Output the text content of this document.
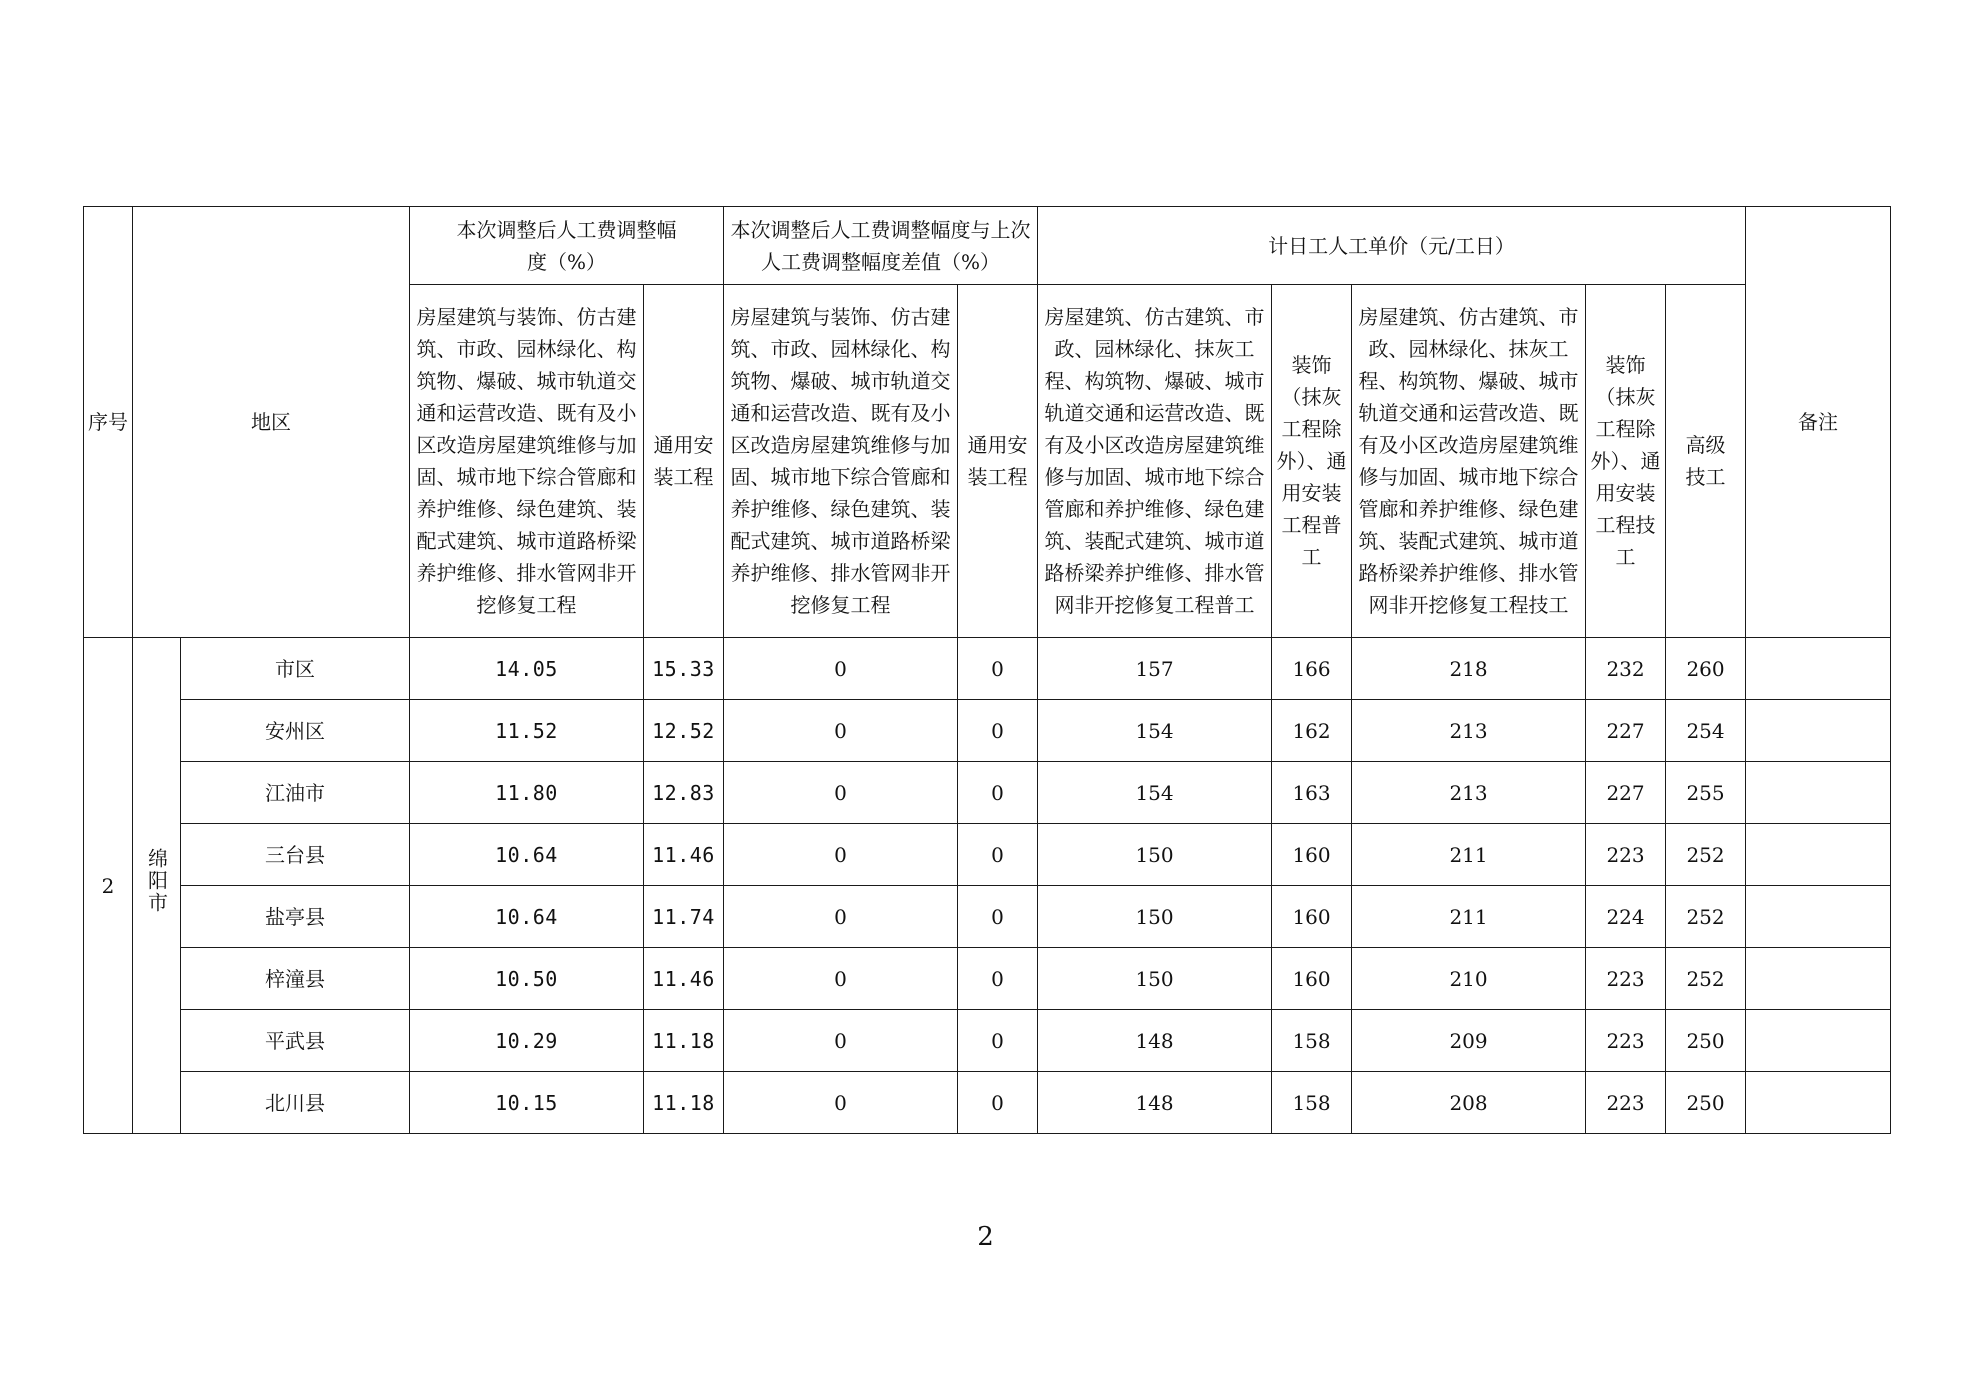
序号	地区		本次调整后人工费调整幅度（%）		本次调整后人工费调整幅度与上次人工费调整幅度差值（%）		计日工人工单价（元/工日）					备注
			房屋建筑与装饰、仿古建筑、市政、园林绿化、构筑物、爆破、城市轨道交通和运营改造、既有及小区改造房屋建筑维修与加固、城市地下综合管廊和养护维修、绿色建筑、装配式建筑、城市道路桥梁养护维修、排水管网非开挖修复工程	通用安装工程	房屋建筑与装饰、仿古建筑、市政、园林绿化、构筑物、爆破、城市轨道交通和运营改造、既有及小区改造房屋建筑维修与加固、城市地下综合管廊和养护维修、绿色建筑、装配式建筑、城市道路桥梁养护维修、排水管网非开挖修复工程	通用安装工程	房屋建筑、仿古建筑、市政、园林绿化、抹灰工程、构筑物、爆破、城市轨道交通和运营改造、既有及小区改造房屋建筑维修与加固、城市地下综合管廊和养护维修、绿色建筑、装配式建筑、城市道路桥梁养护维修、排水管网非开挖修复工程普工	装饰（抹灰工程除外）、通用安装工程普工	房屋建筑、仿古建筑、市政、园林绿化、抹灰工程、构筑物、爆破、城市轨道交通和运营改造、既有及小区改造房屋建筑维修与加固、城市地下综合管廊和养护维修、绿色建筑、装配式建筑、城市道路桥梁养护维修、排水管网非开挖修复工程技工	装饰（抹灰工程除外）、通用安装工程技工	高级技工	
2	绵阳市	市区	14.05	15.33	0	0	157	166	218	232	260	
		安州区	11.52	12.52	0	0	154	162	213	227	254	
		江油市	11.80	12.83	0	0	154	163	213	227	255	
		三台县	10.64	11.46	0	0	150	160	211	223	252	
		盐亭县	10.64	11.74	0	0	150	160	211	224	252	
		梓潼县	10.50	11.46	0	0	150	160	210	223	252	
		平武县	10.29	11.18	0	0	148	158	209	223	250	
		北川县	10.15	11.18	0	0	148	158	208	223	250	
2
